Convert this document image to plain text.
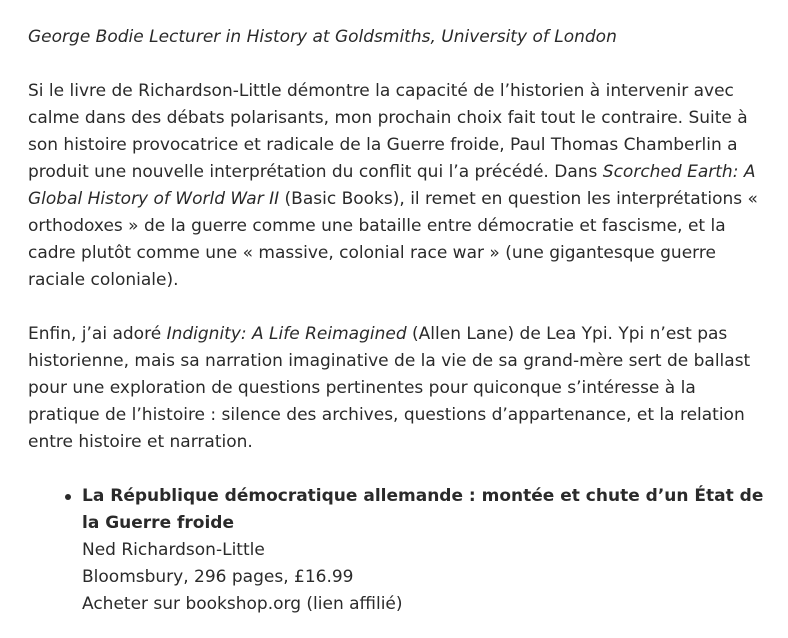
George Bodie Lecturer in History at Goldsmiths, University of London

Si le livre de Richardson-Little démontre la capacité de l’historien à intervenir avec calme dans des débats polarisants, mon prochain choix fait tout le contraire. Suite à son histoire provocatrice et radicale de la Guerre froide, Paul Thomas Chamberlin a produit une nouvelle interprétation du conflit qui l’a précédé. Dans Scorched Earth: A Global History of World War II (Basic Books), il remet en question les interprétations « orthodoxes » de la guerre comme une bataille entre démocratie et fascisme, et la cadre plutôt comme une « massive, colonial race war » (une gigantesque guerre raciale coloniale).

Enfin, j’ai adoré Indignity: A Life Reimagined (Allen Lane) de Lea Ypi. Ypi n’est pas historienne, mais sa narration imaginative de la vie de sa grand-mère sert de ballast pour une exploration de questions pertinentes pour quiconque s’intéresse à la pratique de l’histoire : silence des archives, questions d’appartenance, et la relation entre histoire et narration.

La République démocratique allemande : montée et chute d’un État de la Guerre froide
Ned Richardson-Little
Bloomsbury, 296 pages, £16.99
Acheter sur bookshop.org (lien affilié)
